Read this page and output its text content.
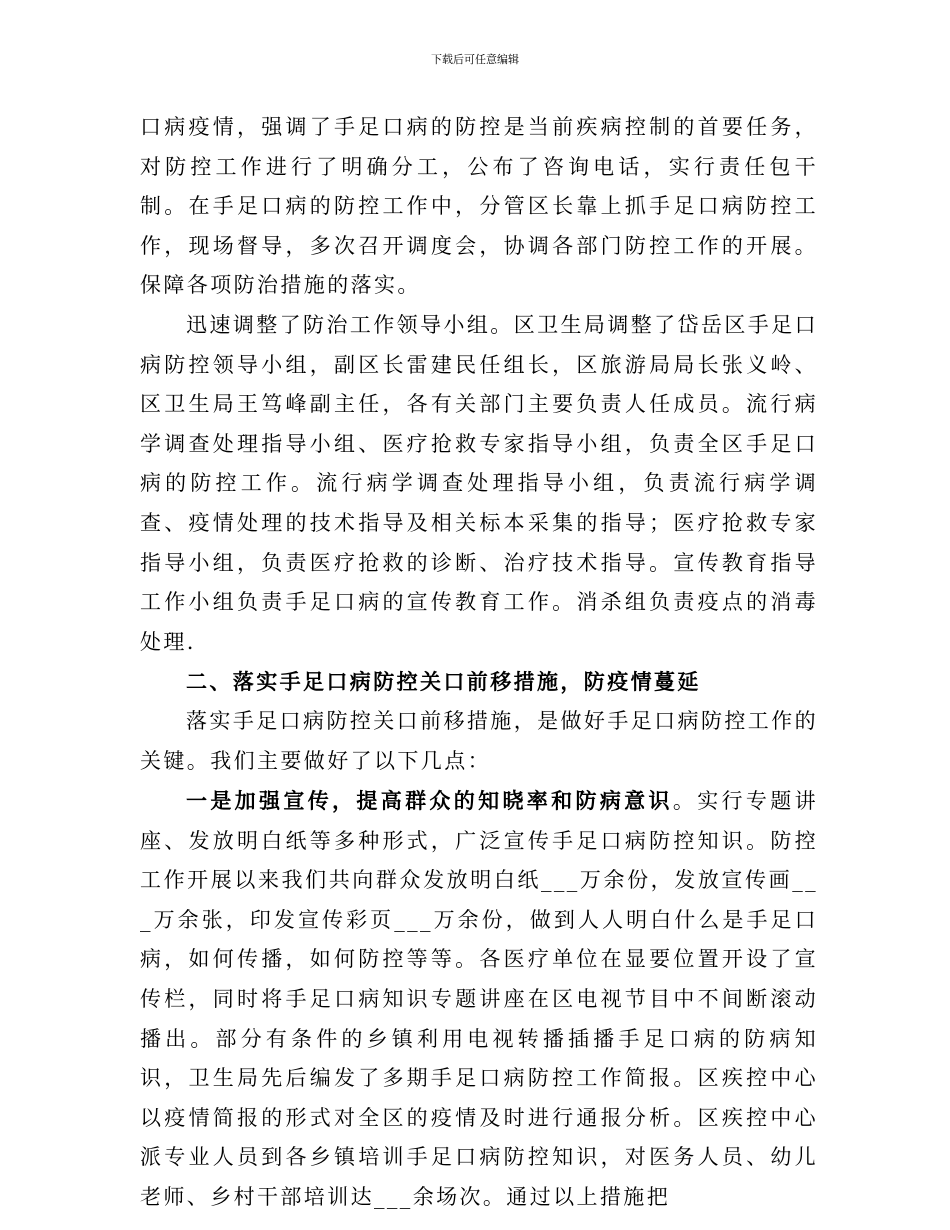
下载后可任意编辑

口病疫情，强调了手足口病的防控是当前疾病控制的首要任务，对防控工作进行了明确分工，公布了咨询电话，实行责任包干制。在手足口病的防控工作中，分管区长靠上抓手足口病防控工作，现场督导，多次召开调度会，协调各部门防控工作的开展。保障各项防治措施的落实。

迅速调整了防治工作领导小组。区卫生局调整了岱岳区手足口病防控领导小组，副区长雷建民任组长，区旅游局局长张义岭、区卫生局王笃峰副主任，各有关部门主要负责人任成员。流行病学调查处理指导小组、医疗抢救专家指导小组，负责全区手足口病的防控工作。流行病学调查处理指导小组，负责流行病学调查、疫情处理的技术指导及相关标本采集的指导；医疗抢救专家指导小组，负责医疗抢救的诊断、治疗技术指导。宣传教育指导工作小组负责手足口病的宣传教育工作。消杀组负责疫点的消毒处理.

二、落实手足口病防控关口前移措施，防疫情蔓延

落实手足口病防控关口前移措施，是做好手足口病防控工作的关键。我们主要做好了以下几点：

一是加强宣传，提高群众的知晓率和防病意识。实行专题讲座、发放明白纸等多种形式，广泛宣传手足口病防控知识。防控工作开展以来我们共向群众发放明白纸___万余份，发放宣传画___万余张，印发宣传彩页___万余份，做到人人明白什么是手足口病，如何传播，如何防控等等。各医疗单位在显要位置开设了宣传栏，同时将手足口病知识专题讲座在区电视节目中不间断滚动播出。部分有条件的乡镇利用电视转播插播手足口病的防病知识，卫生局先后编发了多期手足口病防控工作简报。区疾控中心以疫情简报的形式对全区的疫情及时进行通报分析。区疾控中心派专业人员到各乡镇培训手足口病防控知识，对医务人员、幼儿老师、乡村干部培训达___余场次。通过以上措施把
